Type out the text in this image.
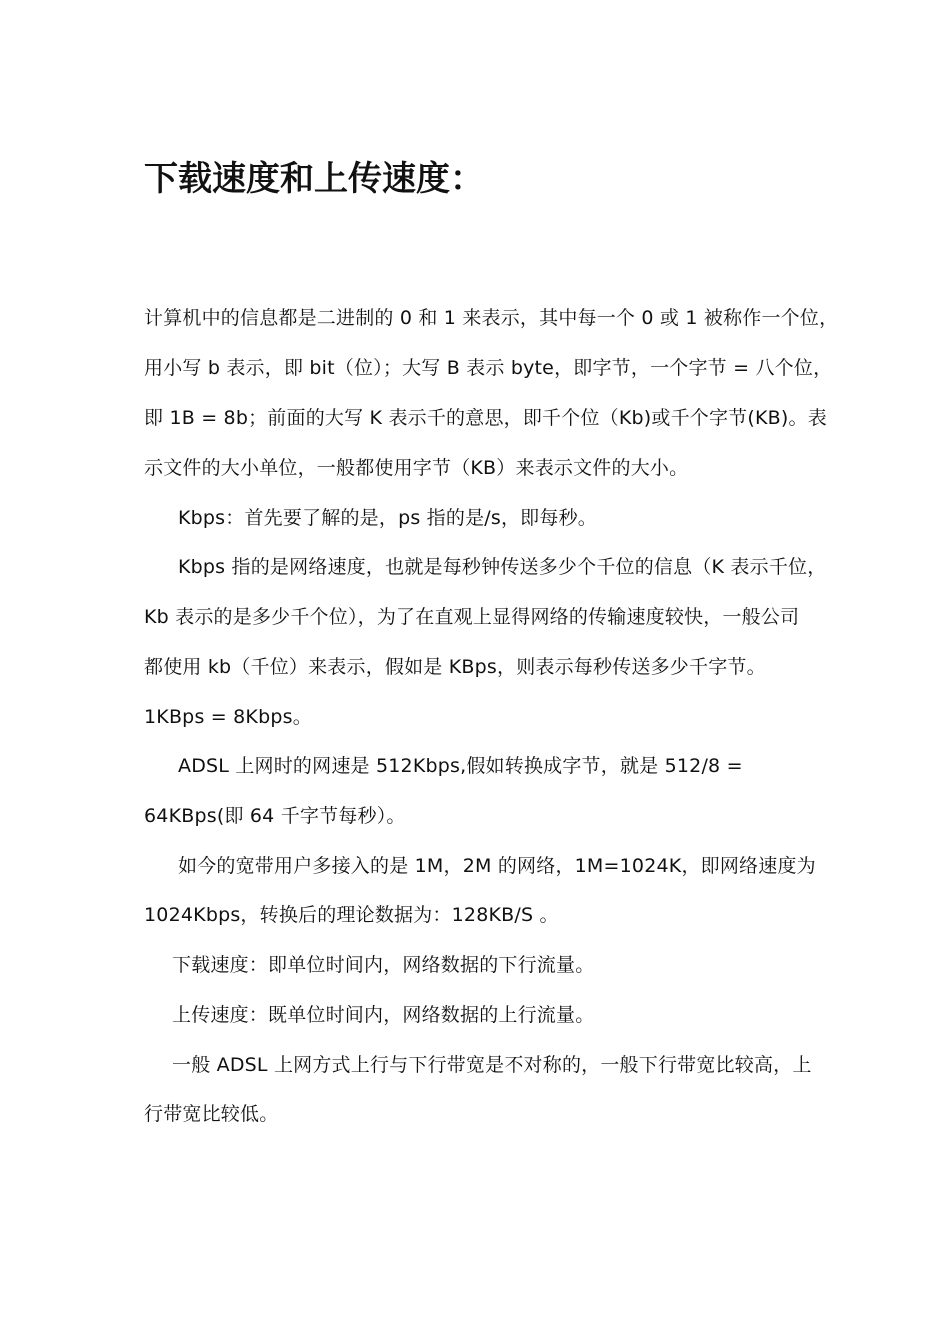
下载速度和上传速度：
计算机中的信息都是二进制的 0 和 1 来表示，其中每一个 0 或 1 被称作一个位，
用小写 b 表示，即 bit（位）；大写 B 表示 byte，即字节，一个字节 = 八个位，
即 1B = 8b；前面的大写 K 表示千的意思，即千个位（Kb)或千个字节(KB)。表
示文件的大小单位，一般都使用字节（KB）来表示文件的大小。
Kbps：首先要了解的是，ps 指的是/s，即每秒。
Kbps 指的是网络速度，也就是每秒钟传送多少个千位的信息（K 表示千位，
Kb 表示的是多少千个位），为了在直观上显得网络的传输速度较快，一般公司
都使用 kb（千位）来表示，假如是 KBps，则表示每秒传送多少千字节。
1KBps = 8Kbps。
ADSL 上网时的网速是 512Kbps,假如转换成字节，就是 512/8 =
64KBps(即 64 千字节每秒）。
如今的宽带用户多接入的是 1M，2M 的网络，1M=1024K，即网络速度为
1024Kbps，转换后的理论数据为：128KB/S 。
下载速度：即单位时间内，网络数据的下行流量。
上传速度：既单位时间内，网络数据的上行流量。
一般 ADSL 上网方式上行与下行带宽是不对称的，一般下行带宽比较高，上
行带宽比较低。
